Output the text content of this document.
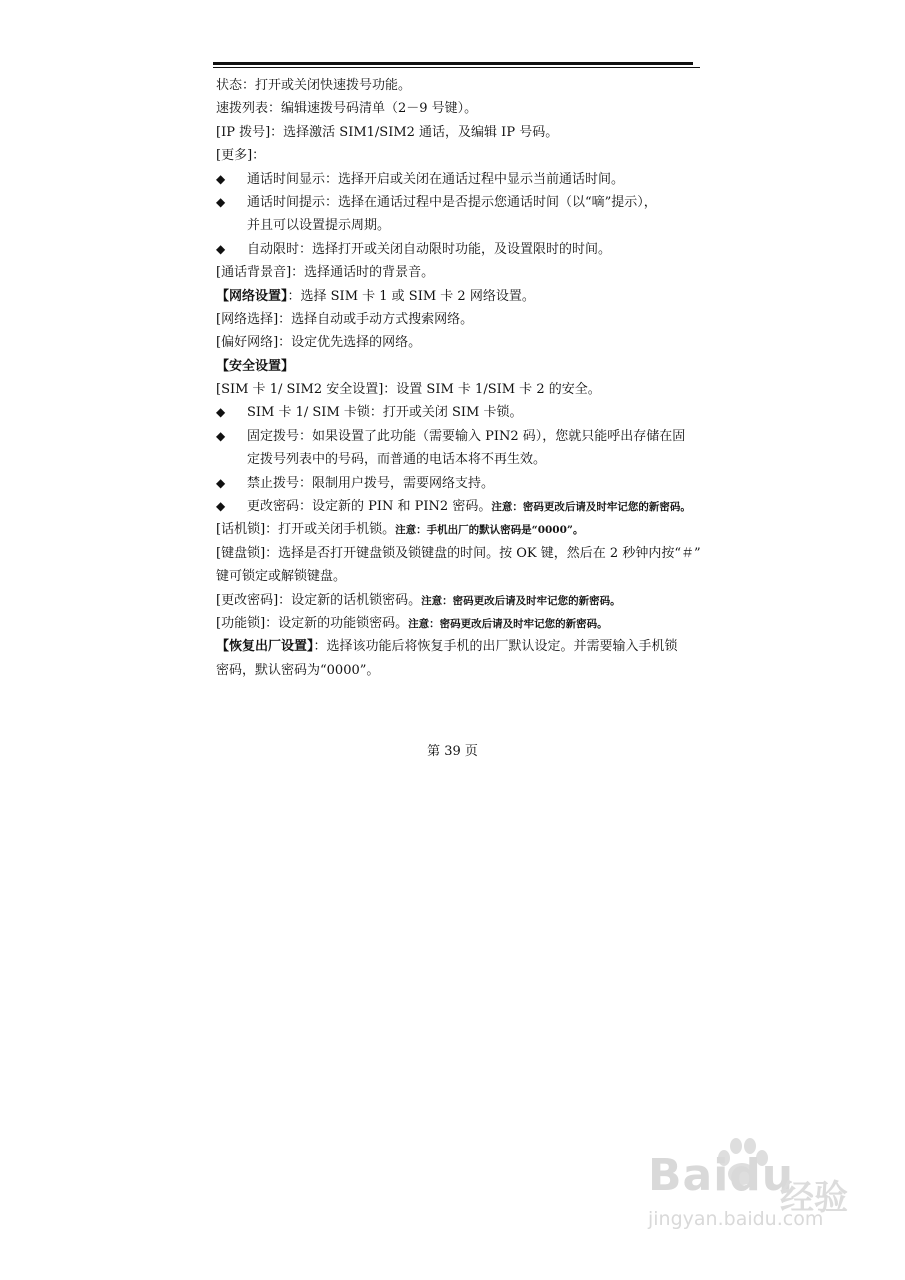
状态：打开或关闭快速拨号功能。
速拨列表：编辑速拨号码清单（2－9 号键）。
[IP 拨号]：选择激活 SIM1/SIM2 通话，及编辑 IP 号码。
[更多]：
◆ 通话时间显示：选择开启或关闭在通话过程中显示当前通话时间。
◆ 通话时间提示：选择在通话过程中是否提示您通话时间（以“嘀”提示），
并且可以设置提示周期。
◆ 自动限时：选择打开或关闭自动限时功能，及设置限时的时间。
[通话背景音]：选择通话时的背景音。
【网络设置】：选择 SIM 卡 1 或 SIM 卡 2 网络设置。
[网络选择]：选择自动或手动方式搜索网络。
[偏好网络]：设定优先选择的网络。
【安全设置】
[SIM 卡 1/ SIM2 安全设置]：设置 SIM 卡 1/SIM 卡 2 的安全。
◆ SIM 卡 1/ SIM 卡锁：打开或关闭 SIM 卡锁。
◆ 固定拨号：如果设置了此功能（需要输入 PIN2 码），您就只能呼出存储在固
定拨号列表中的号码，而普通的电话本将不再生效。
◆ 禁止拨号：限制用户拨号，需要网络支持。
◆ 更改密码：设定新的 PIN 和 PIN2 密码。注意：密码更改后请及时牢记您的新密码。
[话机锁]：打开或关闭手机锁。注意：手机出厂的默认密码是“0000”。
[键盘锁]：选择是否打开键盘锁及锁键盘的时间。按 OK 键，然后在 2 秒钟内按“＃”
键可锁定或解锁键盘。
[更改密码]：设定新的话机锁密码。注意：密码更改后请及时牢记您的新密码。
[功能锁]：设定新的功能锁密码。注意：密码更改后请及时牢记您的新密码。
【恢复出厂设置】：选择该功能后将恢复手机的出厂默认设定。并需要输入手机锁
密码，默认密码为“0000”。
第 39 页
Baidu
经验
jingyan.baidu.com
